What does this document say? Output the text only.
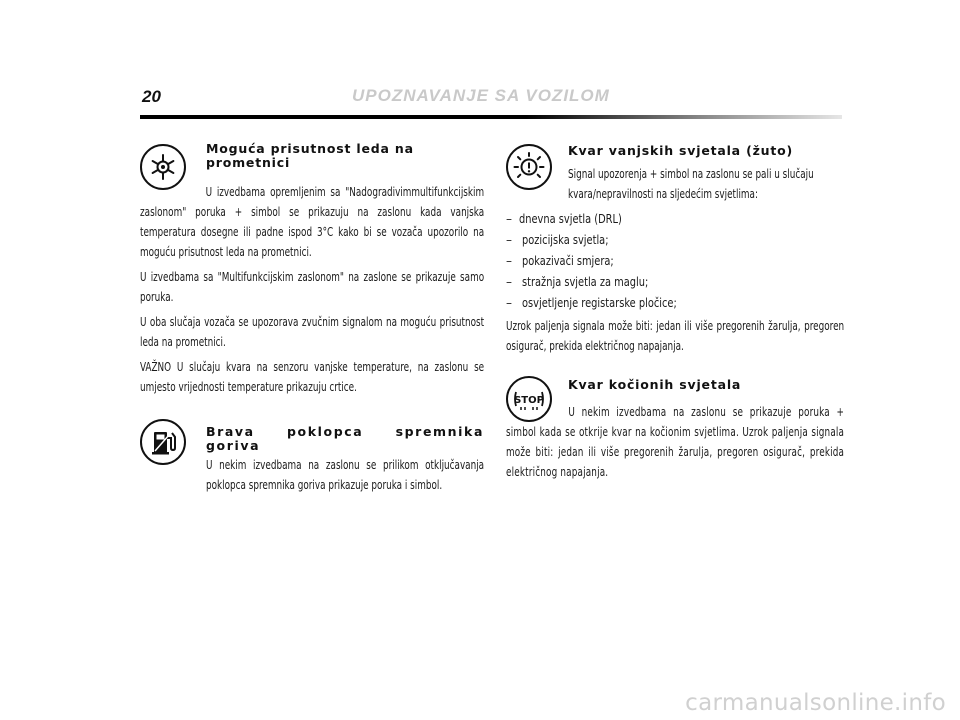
20	UPOZNAVANJE SA VOZILOM
Moguća prisutnost leda na
prometnici

U izvedbama opremljenim sa "Nadogradivimmultifunkcijskim zaslonom" poruka + simbol se prikazuju na zaslonu kada vanjska temperatura dosegne ili padne ispod 3°C kako bi se vozača upozorilo na moguću prisutnost leda na prometnici.

U izvedbama sa "Multifunkcijskim zaslonom" na zaslone se prikazuje samo poruka.

U oba slučaja vozača se upozorava zvučnim signalom na moguću prisutnost leda na prometnici.

VAŽNO U slučaju kvara na senzoru vanjske temperature, na zaslonu se umjesto vrijednosti temperature prikazuju crtice.

Brava poklopca spremnika goriva

U nekim izvedbama na zaslonu se prilikom otključavanja poklopca spremnika goriva prikazuje poruka i simbol.

Kvar vanjskih svjetala (žuto)

Signal upozorenja + simbol na zaslonu se pali u slučaju kvara/nepravilnosti na sljedećim svjetlima:

– dnevna svjetla (DRL)
– pozicijska svjetla;
– pokazivači smjera;
– stražnja svjetla za maglu;
– osvjetljenje registarske pločice;

Uzrok paljenja signala može biti: jedan ili više pregorenih žarulja, pregoren osigurač, prekida električnog napajanja.

STOP
Kvar kočionih svjetala

U nekim izvedbama na zaslonu se prikazuje poruka + simbol kada se otkrije kvar na kočionim svjetlima. Uzrok paljenja signala može biti: jedan ili više pregorenih žarulja, pregoren osigurač, prekida električnog napajanja.

carmanualsonline.info
